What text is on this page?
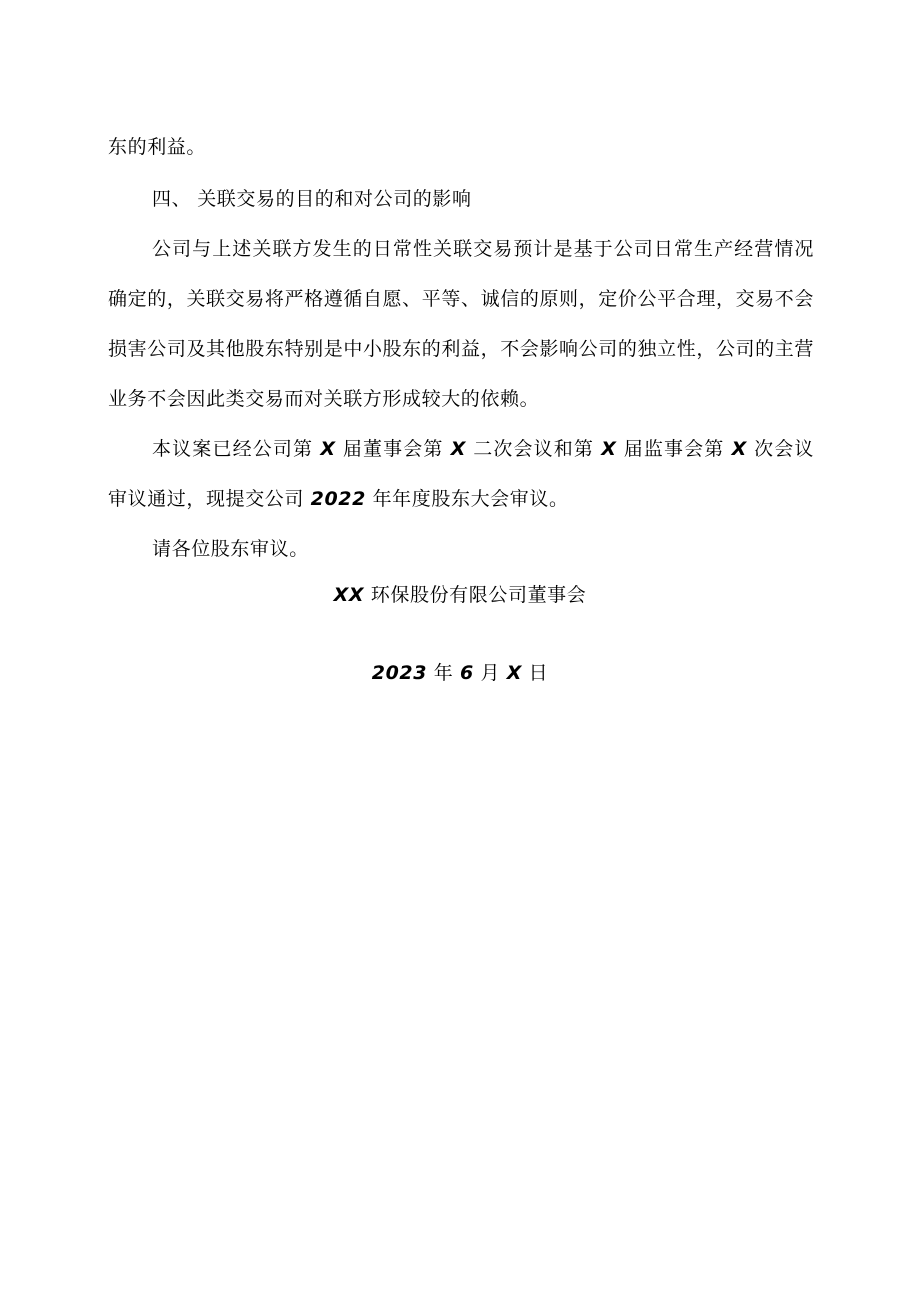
东的利益。

四、 关联交易的目的和对公司的影响

公司与上述关联方发生的日常性关联交易预计是基于公司日常生产经营情况确定的，关联交易将严格遵循自愿、平等、诚信的原则，定价公平合理，交易不会损害公司及其他股东特别是中小股东的利益，不会影响公司的独立性，公司的主营业务不会因此类交易而对关联方形成较大的依赖。

本议案已经公司第 X 届董事会第 X 二次会议和第 X 届监事会第 X 次会议审议通过，现提交公司 2022 年年度股东大会审议。

请各位股东审议。

XX 环保股份有限公司董事会
2023 年 6 月 X 日
